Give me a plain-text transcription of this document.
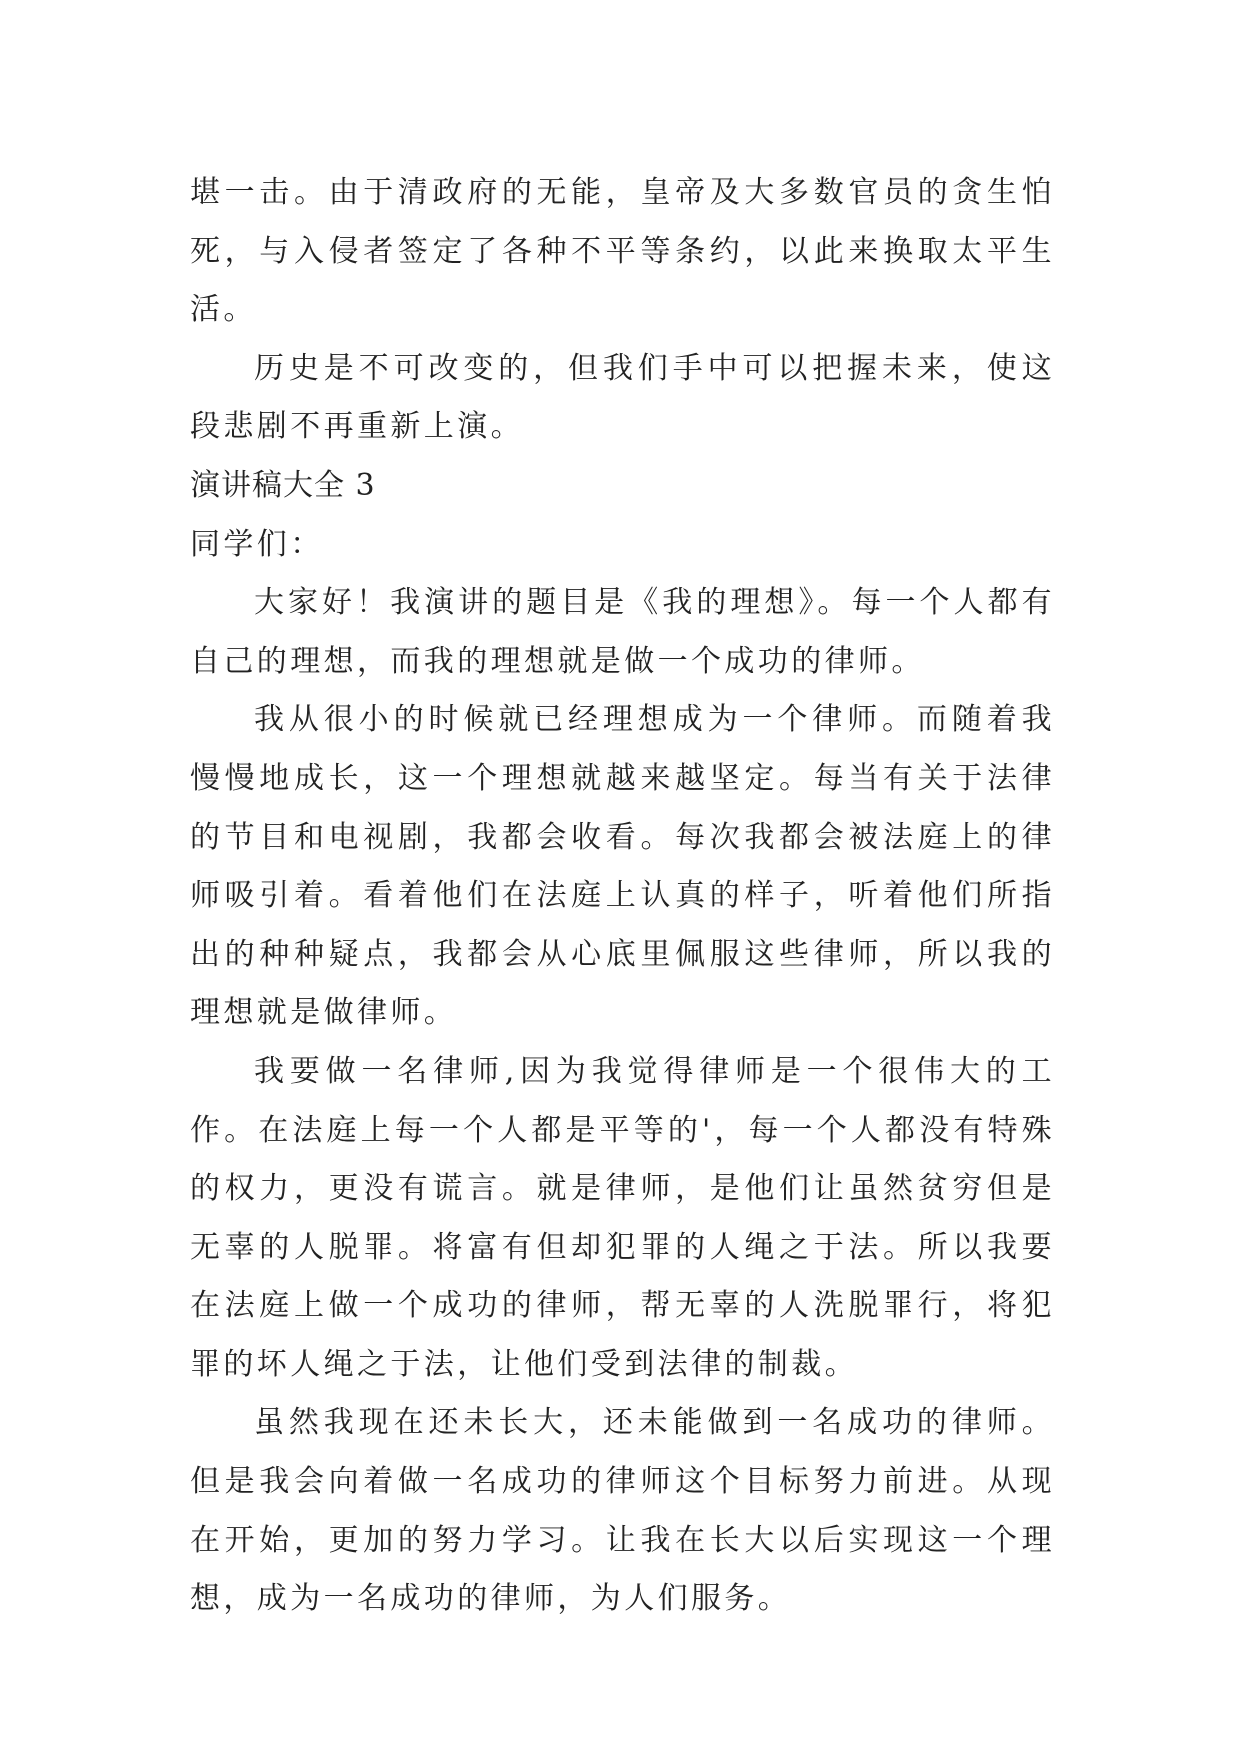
堪一击。由于清政府的无能，皇帝及大多数官员的贪生怕死，与入侵者签定了各种不平等条约，以此来换取太平生活。

历史是不可改变的，但我们手中可以把握未来，使这段悲剧不再重新上演。

演讲稿大全 3

同学们：

大家好！我演讲的题目是《我的理想》。每一个人都有自己的理想，而我的理想就是做一个成功的律师。

我从很小的时候就已经理想成为一个律师。而随着我慢慢地成长，这一个理想就越来越坚定。每当有关于法律的节目和电视剧，我都会收看。每次我都会被法庭上的律师吸引着。看着他们在法庭上认真的样子，听着他们所指出的种种疑点，我都会从心底里佩服这些律师，所以我的理想就是做律师。

我要做一名律师,因为我觉得律师是一个很伟大的工作。在法庭上每一个人都是平等的'，每一个人都没有特殊的权力，更没有谎言。就是律师，是他们让虽然贫穷但是无辜的人脱罪。将富有但却犯罪的人绳之于法。所以我要在法庭上做一个成功的律师，帮无辜的人洗脱罪行，将犯罪的坏人绳之于法，让他们受到法律的制裁。

虽然我现在还未长大，还未能做到一名成功的律师。但是我会向着做一名成功的律师这个目标努力前进。从现在开始，更加的努力学习。让我在长大以后实现这一个理想，成为一名成功的律师，为人们服务。
